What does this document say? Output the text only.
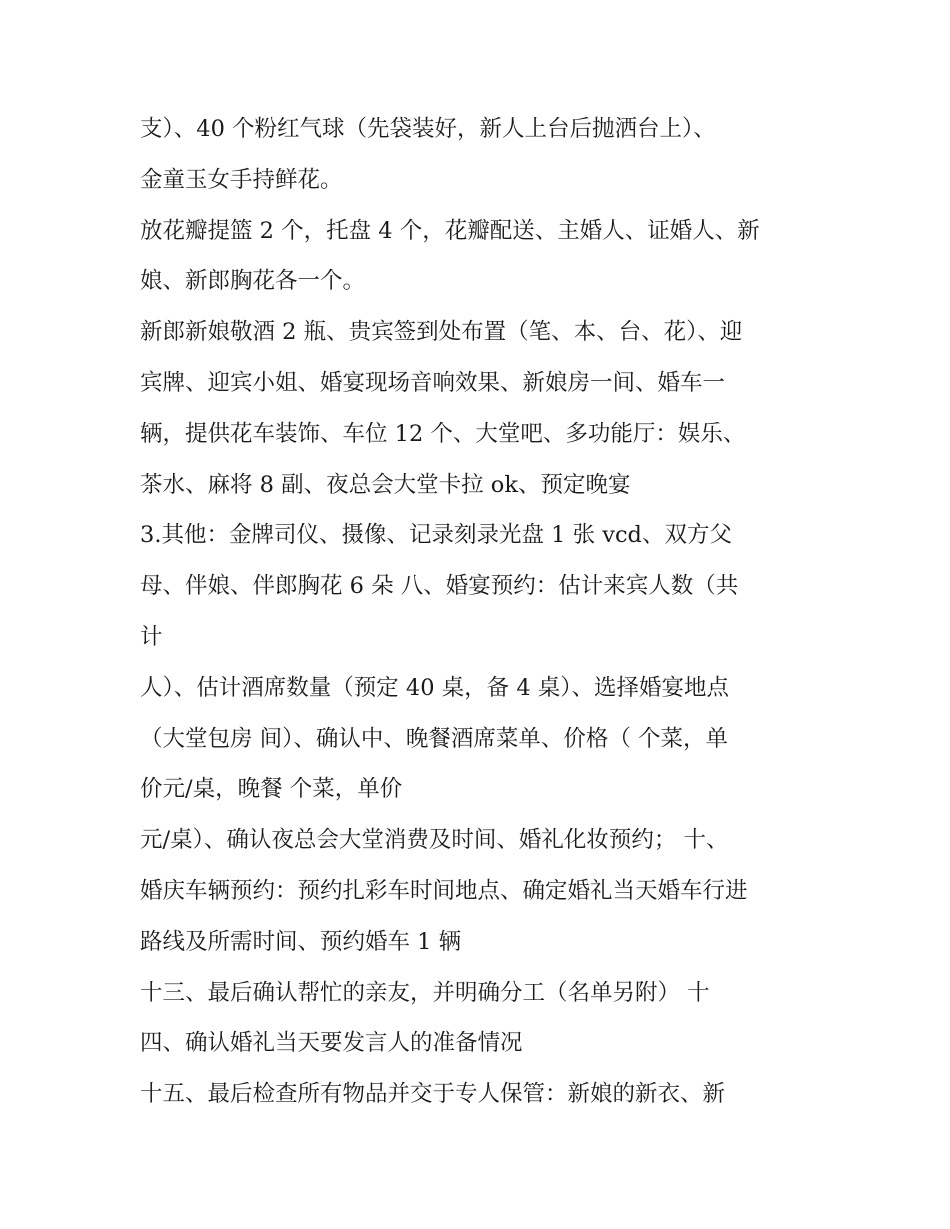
支）、40 个粉红气球（先袋装好，新人上台后抛洒台上）、
金童玉女手持鲜花。
放花瓣提篮 2 个，托盘 4 个，花瓣配送、主婚人、证婚人、新
娘、新郎胸花各一个。
新郎新娘敬酒 2 瓶、贵宾签到处布置（笔、本、台、花）、迎
宾牌、迎宾小姐、婚宴现场音响效果、新娘房一间、婚车一
辆，提供花车装饰、车位 12 个、大堂吧、多功能厅：娱乐、
茶水、麻将 8 副、夜总会大堂卡拉 ok、预定晚宴
3.其他：金牌司仪、摄像、记录刻录光盘 1 张 vcd、双方父
母、伴娘、伴郎胸花 6 朵 八、婚宴预约：估计来宾人数（共
计
人）、估计酒席数量（预定 40 桌，备 4 桌）、选择婚宴地点
（大堂包房 间）、确认中、晚餐酒席菜单、价格（ 个菜，单
价元/桌，晚餐 个菜，单价
元/桌）、确认夜总会大堂消费及时间、婚礼化妆预约； 十、
婚庆车辆预约：预约扎彩车时间地点、确定婚礼当天婚车行进
路线及所需时间、预约婚车 1 辆
十三、最后确认帮忙的亲友，并明确分工（名单另附） 十
四、确认婚礼当天要发言人的准备情况
十五、最后检查所有物品并交于专人保管：新娘的新衣、新
